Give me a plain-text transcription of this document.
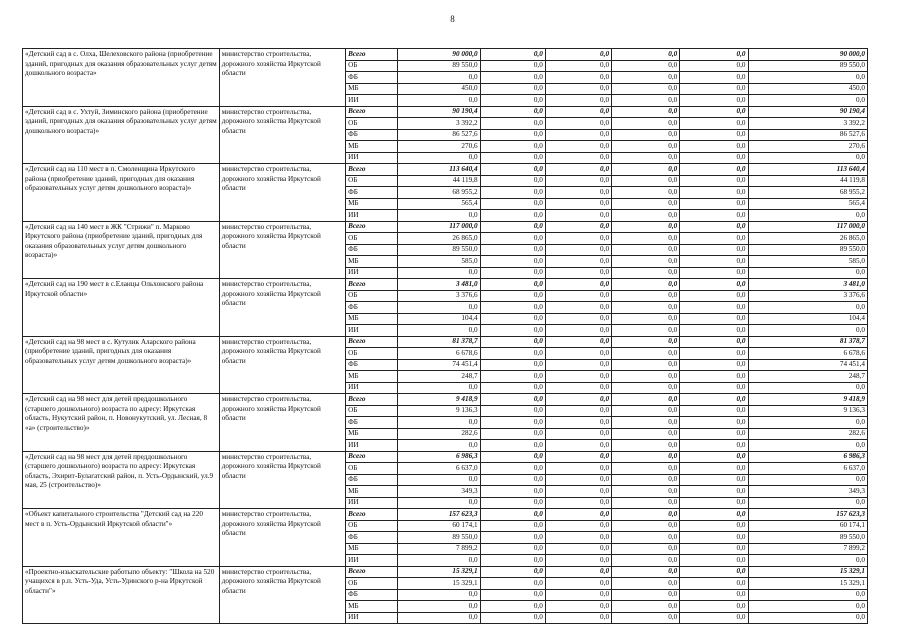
8
«Детский сад в с. Олха, Шелеховского района (приобретение зданий, пригодных для оказания образовательных услуг детям дошкольного возраста»	министерство строительства, дорожного хозяйства Иркутской области	Всего	90 000,0	0,0	0,0	0,0	0,0	90 000,0
		ОБ	89 550,0	0,0	0,0	0,0	0,0	89 550,0
		ФБ	0,0	0,0	0,0	0,0	0,0	0,0
		МБ	450,0	0,0	0,0	0,0	0,0	450,0
		ИИ	0,0	0,0	0,0	0,0	0,0	0,0
«Детский сад в с. Ухтуй, Зиминского района (приобретение зданий, пригодных для оказания образовательных услуг детям дошкольного возраста)»	министерство строительства, дорожного хозяйства Иркутской области	Всего	90 190,4	0,0	0,0	0,0	0,0	90 190,4
		ОБ	3 392,2	0,0	0,0	0,0	0,0	3 392,2
		ФБ	86 527,6	0,0	0,0	0,0	0,0	86 527,6
		МБ	270,6	0,0	0,0	0,0	0,0	270,6
		ИИ	0,0	0,0	0,0	0,0	0,0	0,0
«Детский сад на 110 мест в п. Смоленщина Иркутского района (приобретение зданий, пригодных для оказания образовательных услуг детям дошкольного возраста)»	министерство строительства, дорожного хозяйства Иркутской области	Всего	113 640,4	0,0	0,0	0,0	0,0	113 640,4
		ОБ	44 119,8	0,0	0,0	0,0	0,0	44 119,8
		ФБ	68 955,2	0,0	0,0	0,0	0,0	68 955,2
		МБ	565,4	0,0	0,0	0,0	0,0	565,4
		ИИ	0,0	0,0	0,0	0,0	0,0	0,0
«Детский сад на 140 мест в ЖК "Стрижи" п. Марково Иркутского района (приобретение зданий, пригодных для оказания образовательных услуг детям дошкольного возраста)»	министерство строительства, дорожного хозяйства Иркутской области	Всего	117 000,0	0,0	0,0	0,0	0,0	117 000,0
		ОБ	26 865,0	0,0	0,0	0,0	0,0	26 865,0
		ФБ	89 550,0	0,0	0,0	0,0	0,0	89 550,0
		МБ	585,0	0,0	0,0	0,0	0,0	585,0
		ИИ	0,0	0,0	0,0	0,0	0,0	0,0
«Детский сад на 190 мест в с.Еланцы Ольхонского района Иркутской области»	министерство строительства, дорожного хозяйства Иркутской области	Всего	3 481,0	0,0	0,0	0,0	0,0	3 481,0
		ОБ	3 376,6	0,0	0,0	0,0	0,0	3 376,6
		ФБ	0,0	0,0	0,0	0,0	0,0	0,0
		МБ	104,4	0,0	0,0	0,0	0,0	104,4
		ИИ	0,0	0,0	0,0	0,0	0,0	0,0
«Детский сад на 98 мест в с. Кутулик Аларского района (приобретение зданий, пригодных для оказания образовательных услуг детям дошкольного возраста)»	министерство строительства, дорожного хозяйства Иркутской области	Всего	81 378,7	0,0	0,0	0,0	0,0	81 378,7
		ОБ	6 678,6	0,0	0,0	0,0	0,0	6 678,6
		ФБ	74 451,4	0,0	0,0	0,0	0,0	74 451,4
		МБ	248,7	0,0	0,0	0,0	0,0	248,7
		ИИ	0,0	0,0	0,0	0,0	0,0	0,0
«Детский сад на 98 мест для детей преддошкольного (старшего дошкольного) возраста по адресу: Иркутская область, Нукутский район, п. Новонукутский, ул. Лесная, 8 «а» (строительство)»	министерство строительства, дорожного хозяйства Иркутской области	Всего	9 418,9	0,0	0,0	0,0	0,0	9 418,9
		ОБ	9 136,3	0,0	0,0	0,0	0,0	9 136,3
		ФБ	0,0	0,0	0,0	0,0	0,0	0,0
		МБ	282,6	0,0	0,0	0,0	0,0	282,6
		ИИ	0,0	0,0	0,0	0,0	0,0	0,0
«Детский сад на 98 мест для детей преддошкольного (старшего дошкольного) возраста по адресу: Иркутская область, Эхирит-Булагатский район, п. Усть-Ордынский, ул.9 мая, 25 (строительство)»	министерство строительства, дорожного хозяйства Иркутской области	Всего	6 986,3	0,0	0,0	0,0	0,0	6 986,3
		ОБ	6 637,0	0,0	0,0	0,0	0,0	6 637,0
		ФБ	0,0	0,0	0,0	0,0	0,0	0,0
		МБ	349,3	0,0	0,0	0,0	0,0	349,3
		ИИ	0,0	0,0	0,0	0,0	0,0	0,0
«Объект капитального строительства "Детский сад на 220 мест в п. Усть-Ордынский Иркутской области"»	министерство строительства, дорожного хозяйства Иркутской области	Всего	157 623,3	0,0	0,0	0,0	0,0	157 623,3
		ОБ	60 174,1	0,0	0,0	0,0	0,0	60 174,1
		ФБ	89 550,0	0,0	0,0	0,0	0,0	89 550,0
		МБ	7 899,2	0,0	0,0	0,0	0,0	7 899,2
		ИИ	0,0	0,0	0,0	0,0	0,0	0,0
«Проектно-изыскательские работыпо объекту: "Школа на 520 учащихся в р.п. Усть-Уда, Усть-Удинского р-на Иркутской области"»	министерство строительства, дорожного хозяйства Иркутской области	Всего	15 329,1	0,0	0,0	0,0	0,0	15 329,1
		ОБ	15 329,1	0,0	0,0	0,0	0,0	15 329,1
		ФБ	0,0	0,0	0,0	0,0	0,0	0,0
		МБ	0,0	0,0	0,0	0,0	0,0	0,0
		ИИ	0,0	0,0	0,0	0,0	0,0	0,0
